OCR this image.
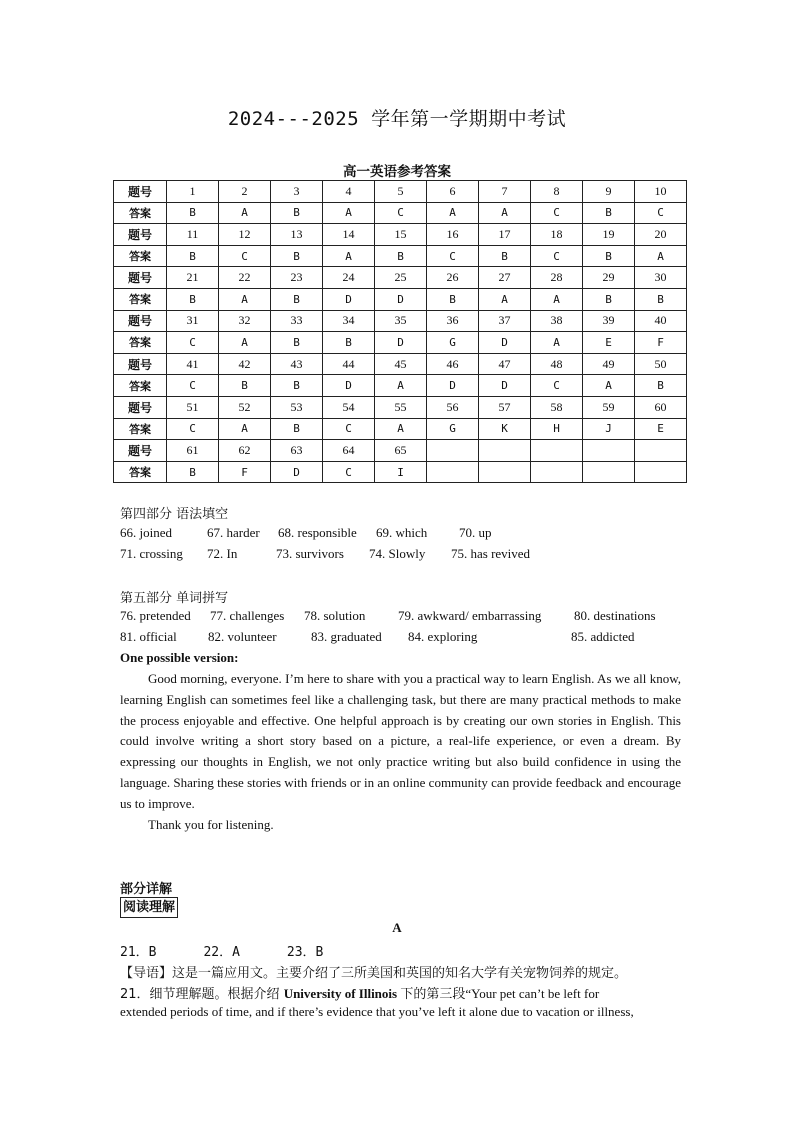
2024---2025 学年第一学期期中考试
高一英语参考答案
题号	1	2	3	4	5	6	7	8	9	10
答案	B	A	B	A	C	A	A	C	B	C
题号	11	12	13	14	15	16	17	18	19	20
答案	B	C	B	A	B	C	B	C	B	A
题号	21	22	23	24	25	26	27	28	29	30
答案	B	A	B	D	D	B	A	A	B	B
题号	31	32	33	34	35	36	37	38	39	40
答案	C	A	B	B	D	G	D	A	E	F
题号	41	42	43	44	45	46	47	48	49	50
答案	C	B	B	D	A	D	D	C	A	B
题号	51	52	53	54	55	56	57	58	59	60
答案	C	A	B	C	A	G	K	H	J	E
题号	61	62	63	64	65					
答案	B	F	D	C	I					
第四部分 语法填空
66. joined	67. harder 68. responsible 69. which 70. up
71. crossing 72. In	73. survivors 74. Slowly 75. has revived
第五部分 单词拼写
76. pretended 77. challenges 78. solution	79. awkward/ embarrassing	80. destinations
81. official 82. volunteer	83. graduated 84. exploring	85. addicted
One possible version:

Good morning, everyone. I’m here to share with you a practical way to learn English. As we all know, learning English can sometimes feel like a challenging task, but there are many practical methods to make the process enjoyable and effective. One helpful approach is by creating our own stories in English. This could involve writing a short story based on a picture, a real-life experience, or even a dream. By expressing our thoughts in English, we not only practice writing but also build confidence in using the language. Sharing these stories with friends or in an online community can provide feedback and encourage us to improve.

Thank you for listening.

部分详解
阅读理解
A
21．B      22．A      23．B
【导语】这是一篇应用文。主要介绍了三所美国和英国的知名大学有关宠物饲养的规定。
21．细节理解题。根据介绍 University of Illinois 下的第三段“Your pet can’t be left for
extended periods of time, and if there’s evidence that you’ve left it alone due to vacation or illness,
